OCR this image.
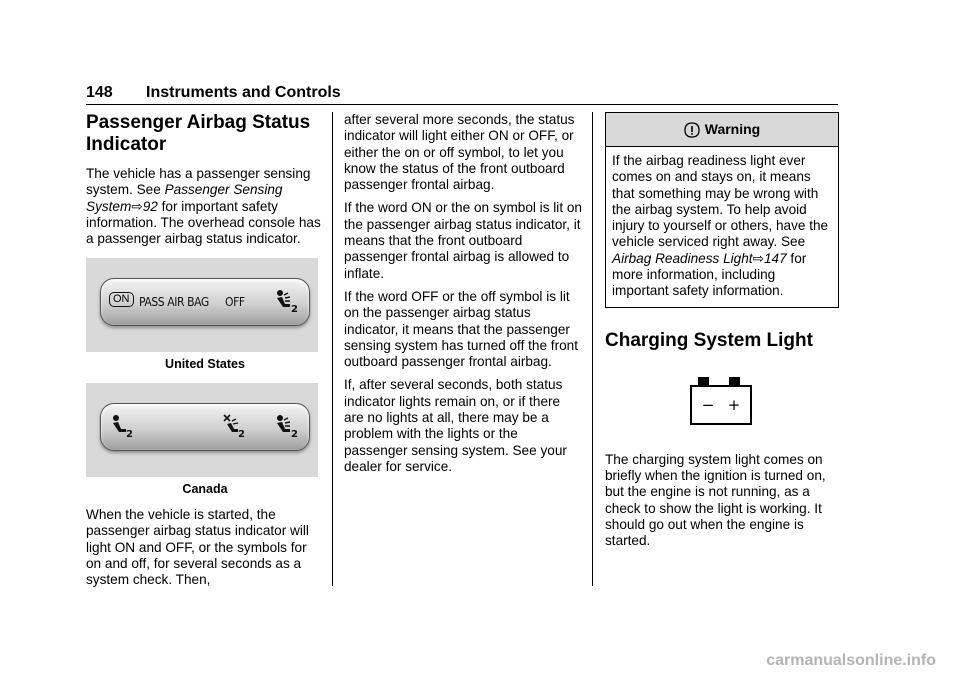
148 Instruments and Controls
Passenger Airbag Status Indicator

The vehicle has a passenger sensing system. See Passenger Sensing System⇨92 for important safety information. The overhead console has a passenger airbag status indicator.

ON PASS AIR BAG OFF
2
United States
2	2	2
Canada

When the vehicle is started, the passenger airbag status indicator will light ON and OFF, or the symbols for on and off, for several seconds as a system check. Then,

after several more seconds, the status indicator will light either ON or OFF, or either the on or off symbol, to let you know the status of the front outboard passenger frontal airbag.

If the word ON or the on symbol is lit on the passenger airbag status indicator, it means that the front outboard passenger frontal airbag is allowed to inflate.

If the word OFF or the off symbol is lit on the passenger airbag status indicator, it means that the passenger sensing system has turned off the front outboard passenger frontal airbag.

If, after several seconds, both status indicator lights remain on, or if there are no lights at all, there may be a problem with the lights or the passenger sensing system. See your dealer for service.

Warning

If the airbag readiness light ever comes on and stays on, it means that something may be wrong with the airbag system. To help avoid injury to yourself or others, have the vehicle serviced right away. See Airbag Readiness Light⇨147 for more information, including important safety information.

Charging System Light
− +

The charging system light comes on briefly when the ignition is turned on, but the engine is not running, as a check to show the light is working. It should go out when the engine is started.

carmanualsonline.info
